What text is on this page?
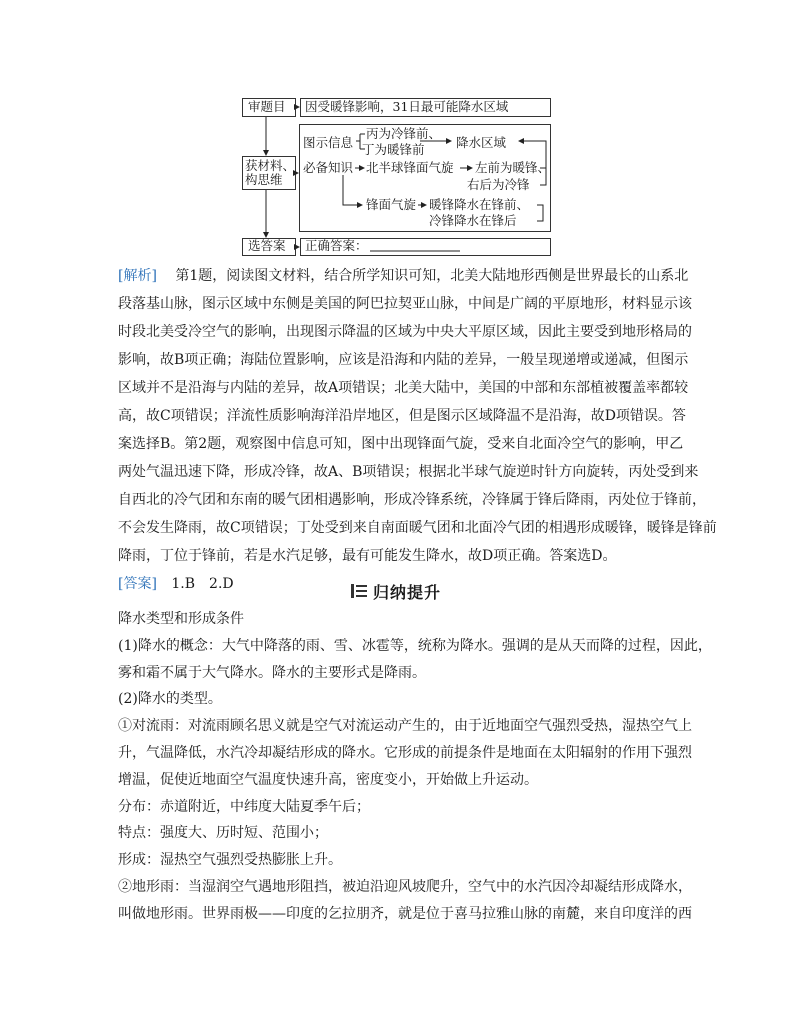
审题目 因受暖锋影响，31日最可能降水区域
获材料、
构思维
图示信息
丙为冷锋前、
丁为暖锋前	降水区域
必备知识 北半球锋面气旋 左前为暖锋、
右后为冷锋
锋面气旋 暖锋降水在锋前、
冷锋降水在锋后
选答案 正确答案：
[解析] 第1题，阅读图文材料，结合所学知识可知，北美大陆地形西侧是世界最长的山系北
段落基山脉，图示区域中东侧是美国的阿巴拉契亚山脉，中间是广阔的平原地形，材料显示该
时段北美受冷空气的影响，出现图示降温的区域为中央大平原区域，因此主要受到地形格局的
影响，故B项正确；海陆位置影响，应该是沿海和内陆的差异，一般呈现递增或递减，但图示
区域并不是沿海与内陆的差异，故A项错误；北美大陆中，美国的中部和东部植被覆盖率都较
高，故C项错误；洋流性质影响海洋沿岸地区，但是图示区域降温不是沿海，故D项错误。答
案选择B。第2题，观察图中信息可知，图中出现锋面气旋，受来自北面冷空气的影响，甲乙
两处气温迅速下降，形成冷锋，故A、B项错误；根据北半球气旋逆时针方向旋转，丙处受到来
自西北的冷气团和东南的暖气团相遇影响，形成冷锋系统，冷锋属于锋后降雨，丙处位于锋前，
不会发生降雨，故C项错误；丁处受到来自南面暖气团和北面冷气团的相遇形成暖锋，暖锋是锋前
降雨，丁位于锋前，若是水汽足够，最有可能发生降水，故D项正确。答案选D。
[答案] 1.B　2.D	归纳提升
降水类型和形成条件
(1)降水的概念：大气中降落的雨、雪、冰雹等，统称为降水。强调的是从天而降的过程，因此，
雾和霜不属于大气降水。降水的主要形式是降雨。
(2)降水的类型。
①对流雨：对流雨顾名思义就是空气对流运动产生的，由于近地面空气强烈受热，湿热空气上
升，气温降低，水汽冷却凝结形成的降水。它形成的前提条件是地面在太阳辐射的作用下强烈
增温，促使近地面空气温度快速升高，密度变小，开始做上升运动。
分布：赤道附近，中纬度大陆夏季午后；
特点：强度大、历时短、范围小；
形成：湿热空气强烈受热膨胀上升。
②地形雨：当湿润空气遇地形阻挡，被迫沿迎风坡爬升，空气中的水汽因冷却凝结形成降水，
叫做地形雨。世界雨极——印度的乞拉朋齐，就是位于喜马拉雅山脉的南麓，来自印度洋的西
